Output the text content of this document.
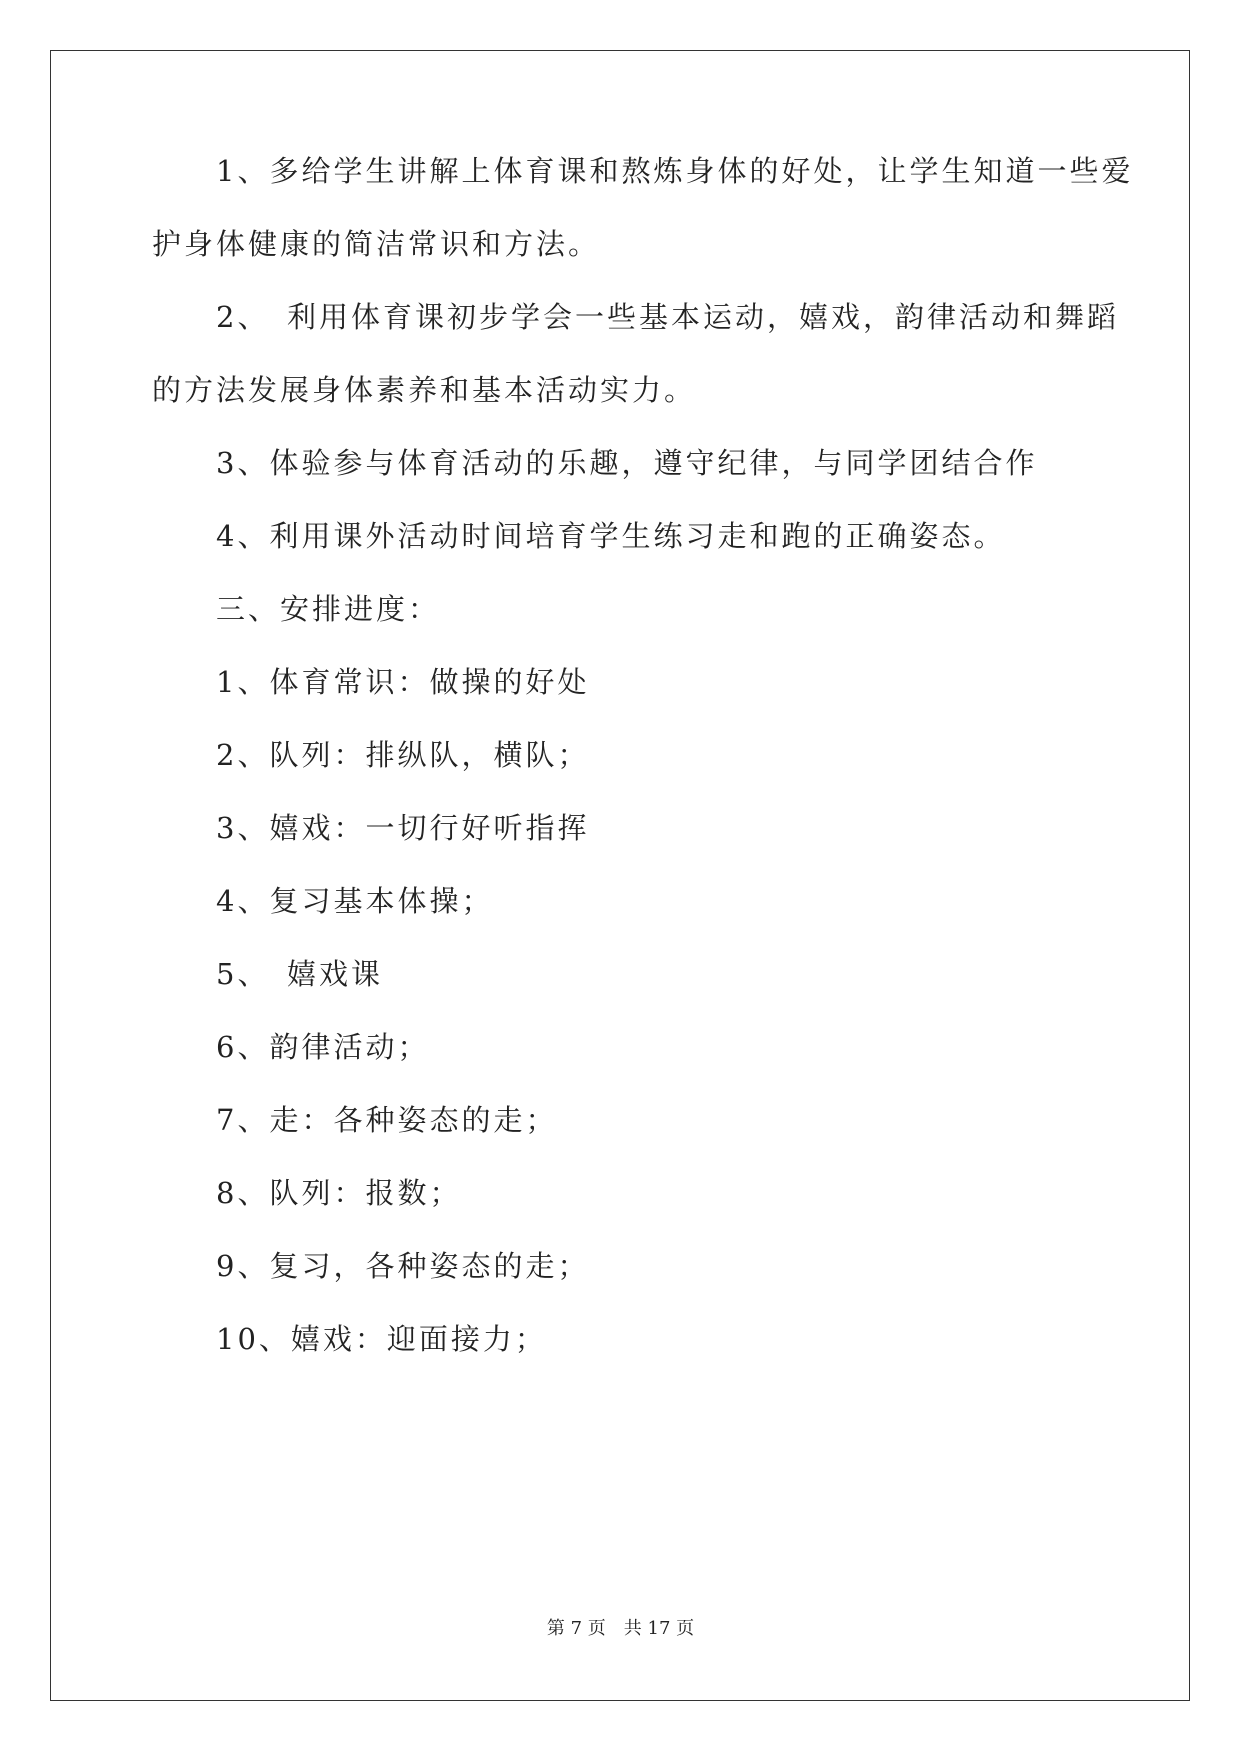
　　1、多给学生讲解上体育课和熬炼身体的好处，让学生知道一些爱
护身体健康的简洁常识和方法。
　　2、　利用体育课初步学会一些基本运动，嬉戏，韵律活动和舞蹈
的方法发展身体素养和基本活动实力。
　　3、体验参与体育活动的乐趣，遵守纪律，与同学团结合作
　　4、利用课外活动时间培育学生练习走和跑的正确姿态。
　　三、安排进度：
　　1、体育常识：做操的好处
　　2、队列：排纵队，横队；
　　3、嬉戏：一切行好听指挥
　　4、复习基本体操；
　　5、　嬉戏课
　　6、韵律活动；
　　7、走：各种姿态的走；
　　8、队列：报数；
　　9、复习，各种姿态的走；
　　10、嬉戏：迎面接力；
第 7 页　共 17 页
